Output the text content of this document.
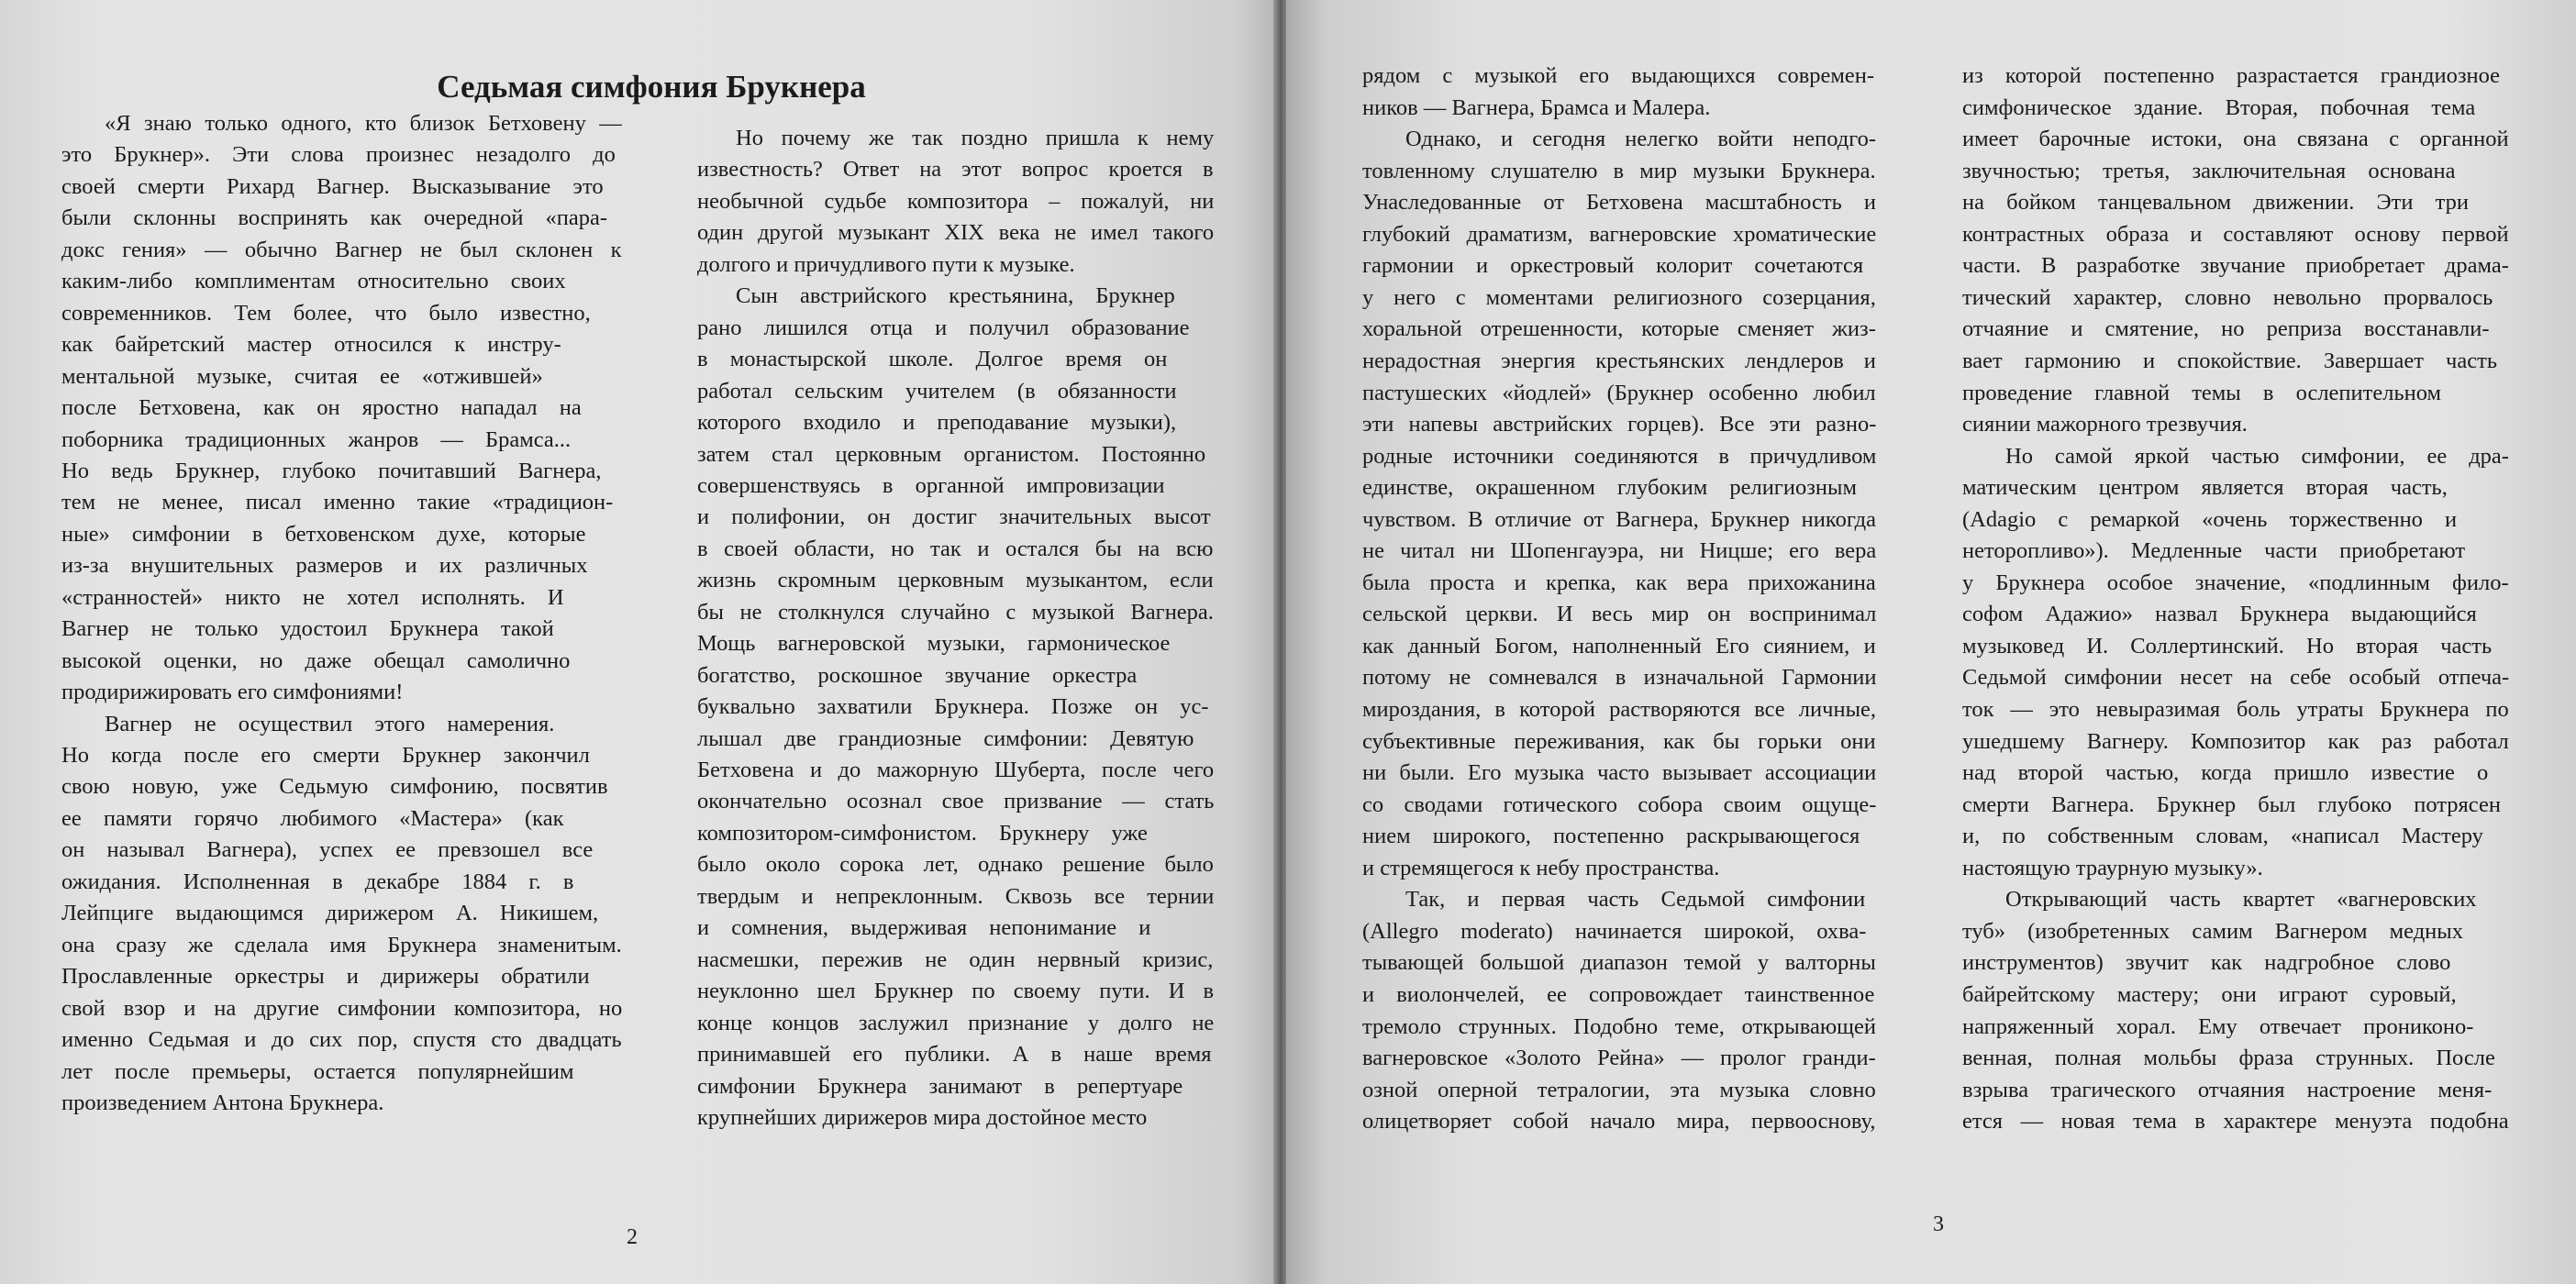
Седьмая симфония Брукнера
«Я знаю только одного, кто близок Бетховену —
это Брукнер». Эти слова произнес незадолго до
своей смерти Рихард Вагнер. Высказывание это
были склонны воспринять как очередной «пара-
докс гения» — обычно Вагнер не был склонен к
каким-либо комплиментам относительно своих
современников. Тем более, что было известно,
как байретский мастер относился к инстру-
ментальной музыке, считая ее «отжившей»
после Бетховена, как он яростно нападал на
поборника традиционных жанров — Брамса...
Но ведь Брукнер, глубоко почитавший Вагнера,
тем не менее, писал именно такие «традицион-
ные» симфонии в бетховенском духе, которые
из-за внушительных размеров и их различных
«странностей» никто не хотел исполнять. И
Вагнер не только удостоил Брукнера такой
высокой оценки, но даже обещал самолично
продирижировать его симфониями!
Вагнер не осуществил этого намерения.
Но когда после его смерти Брукнер закончил
свою новую, уже Седьмую симфонию, посвятив
ее памяти горячо любимого «Мастера» (как
он называл Вагнера), успех ее превзошел все
ожидания. Исполненная в декабре 1884 г. в
Лейпциге выдающимся дирижером А. Никишем,
она сразу же сделала имя Брукнера знаменитым.
Прославленные оркестры и дирижеры обратили
свой взор и на другие симфонии композитора, но
именно Седьмая и до сих пор, спустя сто двадцать
лет после премьеры, остается популярнейшим
произведением Антона Брукнера.
Но почему же так поздно пришла к нему
известность? Ответ на этот вопрос кроется в
необычной судьбе композитора – пожалуй, ни
один другой музыкант XIX века не имел такого
долгого и причудливого пути к музыке.
Сын австрийского крестьянина, Брукнер
рано лишился отца и получил образование
в монастырской школе. Долгое время он
работал сельским учителем (в обязанности
которого входило и преподавание музыки),
затем стал церковным органистом. Постоянно
совершенствуясь в органной импровизации
и полифонии, он достиг значительных высот
в своей области, но так и остался бы на всю
жизнь скромным церковным музыкантом, если
бы не столкнулся случайно с музыкой Вагнера.
Мощь вагнеровской музыки, гармоническое
богатство, роскошное звучание оркестра
буквально захватили Брукнера. Позже он ус-
лышал две грандиозные симфонии: Девятую
Бетховена и до мажорную Шуберта, после чего
окончательно осознал свое призвание — стать
композитором-симфонистом. Брукнеру уже
было около сорока лет, однако решение было
твердым и непреклонным. Сквозь все тернии
и сомнения, выдерживая непонимание и
насмешки, пережив не один нервный кризис,
неуклонно шел Брукнер по своему пути. И в
конце концов заслужил признание у долго не
принимавшей его публики. А в наше время
симфонии Брукнера занимают в репертуаре
крупнейших дирижеров мира достойное место
2
рядом с музыкой его выдающихся современ-
ников — Вагнера, Брамса и Малера.
Однако, и сегодня нелегко войти неподго-
товленному слушателю в мир музыки Брукнера.
Унаследованные от Бетховена масштабность и
глубокий драматизм, вагнеровские хроматические
гармонии и оркестровый колорит сочетаются
у него с моментами религиозного созерцания,
хоральной отрешенности, которые сменяет жиз-
нерадостная энергия крестьянских лендлеров и
пастушеских «йодлей» (Брукнер особенно любил
эти напевы австрийских горцев). Все эти разно-
родные источники соединяются в причудливом
единстве, окрашенном глубоким религиозным
чувством. В отличие от Вагнера, Брукнер никогда
не читал ни Шопенгауэра, ни Ницше; его вера
была проста и крепка, как вера прихожанина
сельской церкви. И весь мир он воспринимал
как данный Богом, наполненный Его сиянием, и
потому не сомневался в изначальной Гармонии
мироздания, в которой растворяются все личные,
субъективные переживания, как бы горьки они
ни были. Его музыка часто вызывает ассоциации
со сводами готического собора своим ощуще-
нием широкого, постепенно раскрывающегося
и стремящегося к небу пространства.
Так, и первая часть Седьмой симфонии
(Allegro moderato) начинается широкой, охва-
тывающей большой диапазон темой у валторны
и виолончелей, ее сопровождает таинственное
тремоло струнных. Подобно теме, открывающей
вагнеровское «Золото Рейна» — пролог гранди-
озной оперной тетралогии, эта музыка словно
олицетворяет собой начало мира, первооснову,
из которой постепенно разрастается грандиозное
симфоническое здание. Вторая, побочная тема
имеет барочные истоки, она связана с органной
звучностью; третья, заключительная основана
на бойком танцевальном движении. Эти три
контрастных образа и составляют основу первой
части. В разработке звучание приобретает драма-
тический характер, словно невольно прорвалось
отчаяние и смятение, но реприза восстанавли-
вает гармонию и спокойствие. Завершает часть
проведение главной темы в ослепительном
сиянии мажорного трезвучия.
Но самой яркой частью симфонии, ее дра-
матическим центром является вторая часть,
(Adagio с ремаркой «очень торжественно и
неторопливо»). Медленные части приобретают
у Брукнера особое значение, «подлинным фило-
софом Адажио» назвал Брукнера выдающийся
музыковед И. Соллертинский. Но вторая часть
Седьмой симфонии несет на себе особый отпеча-
ток — это невыразимая боль утраты Брукнера по
ушедшему Вагнеру. Композитор как раз работал
над второй частью, когда пришло известие о
смерти Вагнера. Брукнер был глубоко потрясен
и, по собственным словам, «написал Мастеру
настоящую траурную музыку».
Открывающий часть квартет «вагнеровских
туб» (изобретенных самим Вагнером медных
инструментов) звучит как надгробное слово
байрейтскому мастеру; они играют суровый,
напряженный хорал. Ему отвечает прониконо-
венная, полная мольбы фраза струнных. После
взрыва трагического отчаяния настроение меня-
ется — новая тема в характере менуэта подобна
3
